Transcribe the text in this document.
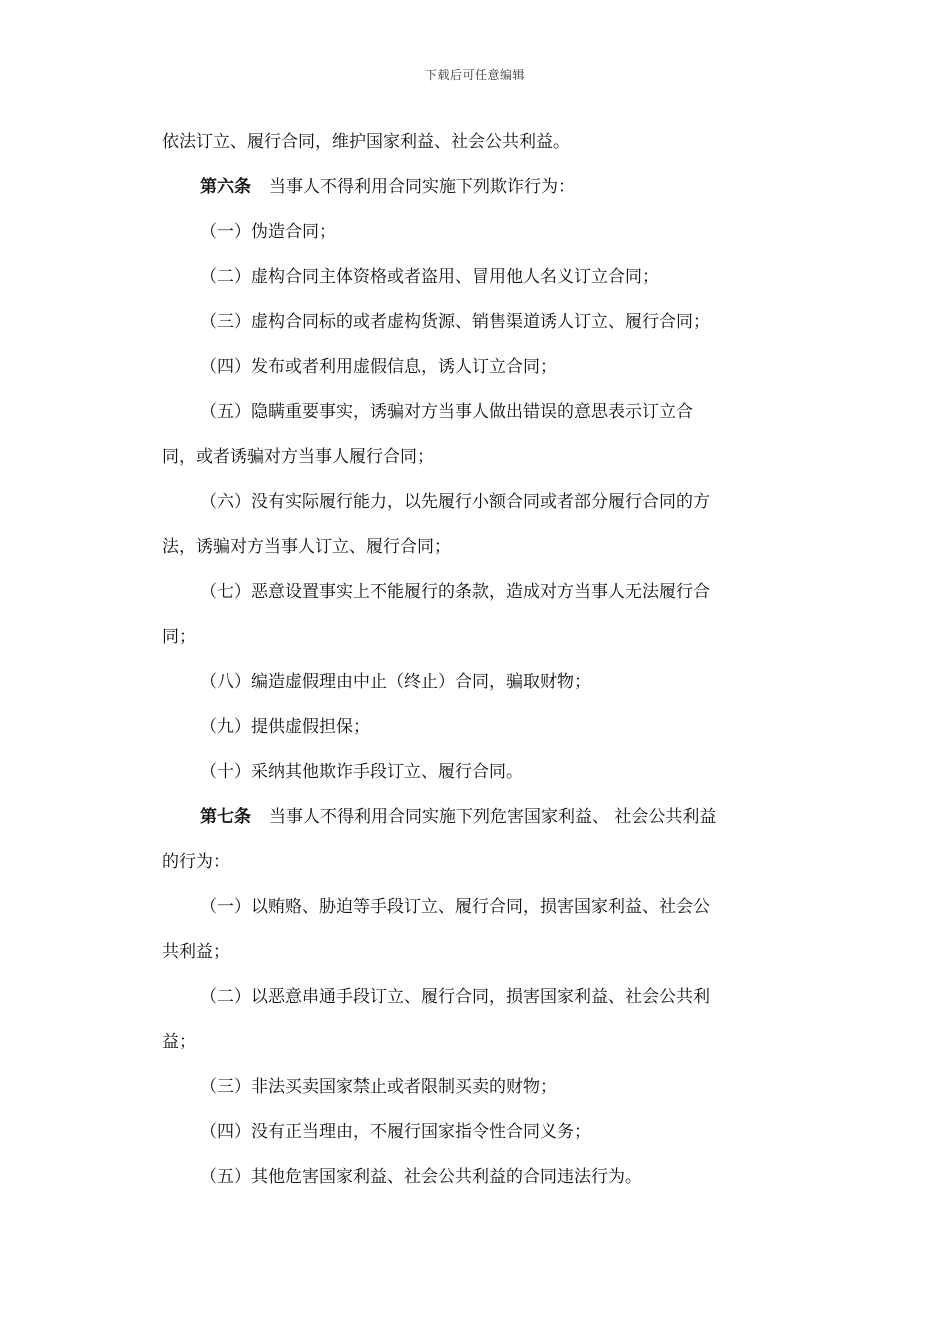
下载后可任意编辑
依法订立、履行合同，维护国家利益、社会公共利益。
第六条 当事人不得利用合同实施下列欺诈行为：
（一）伪造合同；
（二）虚构合同主体资格或者盗用、冒用他人名义订立合同；
（三）虚构合同标的或者虚构货源、销售渠道诱人订立、履行合同；
（四）发布或者利用虚假信息，诱人订立合同；
（五）隐瞒重要事实，诱骗对方当事人做出错误的意思表示订立合
同，或者诱骗对方当事人履行合同；
（六）没有实际履行能力，以先履行小额合同或者部分履行合同的方
法，诱骗对方当事人订立、履行合同；
（七）恶意设置事实上不能履行的条款，造成对方当事人无法履行合
同；
（八）编造虚假理由中止（终止）合同，骗取财物；
（九）提供虚假担保；
（十）采纳其他欺诈手段订立、履行合同。
第七条 当事人不得利用合同实施下列危害国家利益、 社会公共利益
的行为：
（一）以贿赂、胁迫等手段订立、履行合同，损害国家利益、社会公
共利益；
（二）以恶意串通手段订立、履行合同，损害国家利益、社会公共利
益；
（三）非法买卖国家禁止或者限制买卖的财物；
（四）没有正当理由，不履行国家指令性合同义务；
（五）其他危害国家利益、社会公共利益的合同违法行为。
